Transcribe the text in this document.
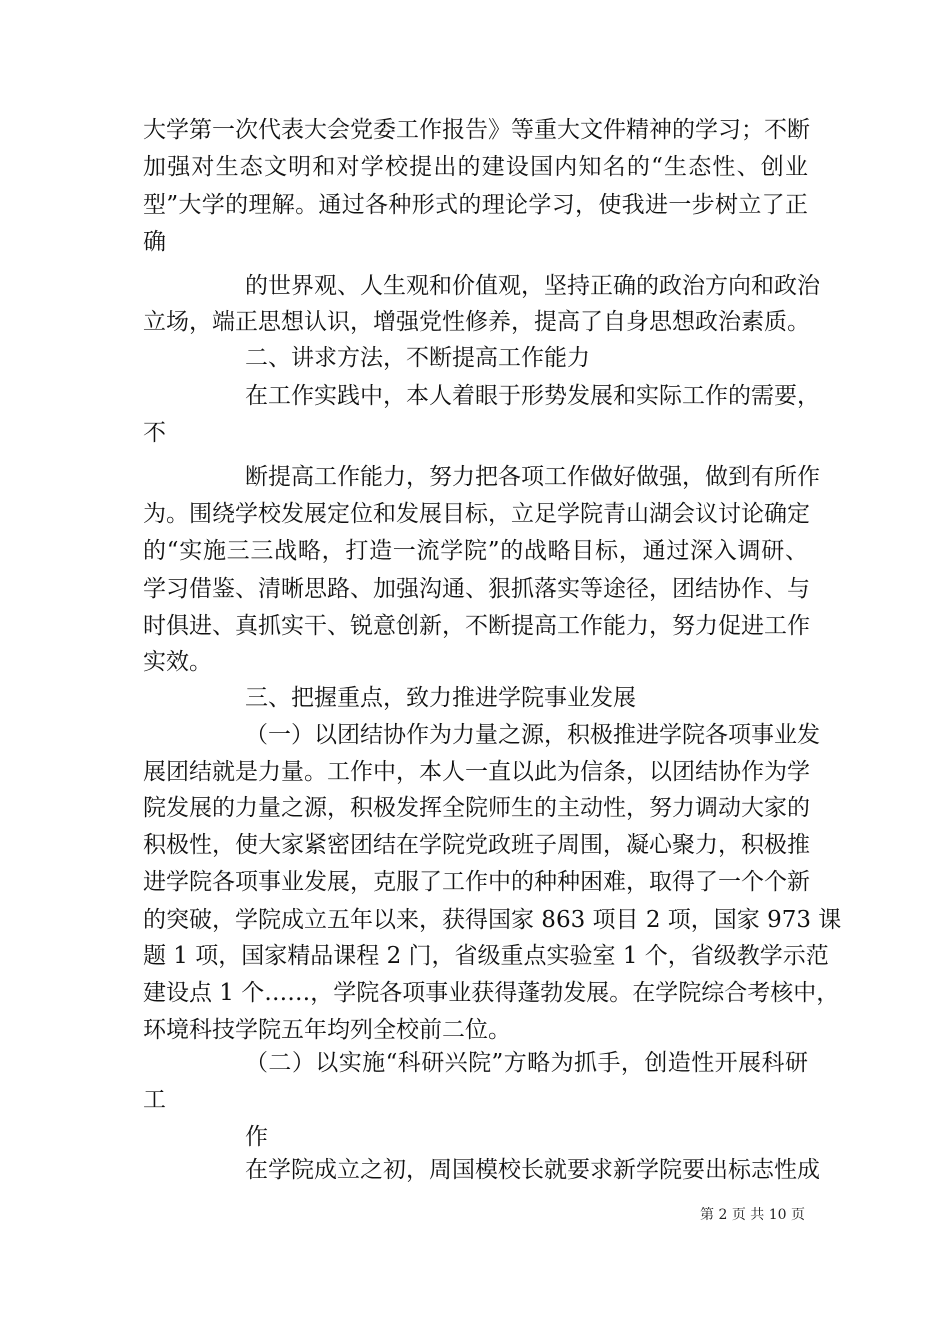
大学第一次代表大会党委工作报告》等重大文件精神的学习；不断
加强对生态文明和对学校提出的建设国内知名的“生态性、创业
型”大学的理解。通过各种形式的理论学习，使我进一步树立了正
确
的世界观、人生观和价值观，坚持正确的政治方向和政治
立场，端正思想认识，增强党性修养，提高了自身思想政治素质。
二、讲求方法，不断提高工作能力
在工作实践中，本人着眼于形势发展和实际工作的需要，
不
断提高工作能力，努力把各项工作做好做强，做到有所作
为。围绕学校发展定位和发展目标，立足学院青山湖会议讨论确定
的“实施三三战略，打造一流学院”的战略目标，通过深入调研、
学习借鉴、清晰思路、加强沟通、狠抓落实等途径，团结协作、与
时俱进、真抓实干、锐意创新，不断提高工作能力，努力促进工作
实效。
三、把握重点，致力推进学院事业发展
（一）以团结协作为力量之源，积极推进学院各项事业发
展团结就是力量。工作中，本人一直以此为信条，以团结协作为学
院发展的力量之源，积极发挥全院师生的主动性，努力调动大家的
积极性，使大家紧密团结在学院党政班子周围，凝心聚力，积极推
进学院各项事业发展，克服了工作中的种种困难，取得了一个个新
的突破，学院成立五年以来，获得国家 863 项目 2 项，国家 973 课
题 1 项，国家精品课程 2 门，省级重点实验室 1 个，省级教学示范
建设点 1 个……，学院各项事业获得蓬勃发展。在学院综合考核中，
环境科技学院五年均列全校前二位。
（二）以实施“科研兴院”方略为抓手，创造性开展科研
工
作
在学院成立之初，周国模校长就要求新学院要出标志性成
第 2 页 共 10 页
